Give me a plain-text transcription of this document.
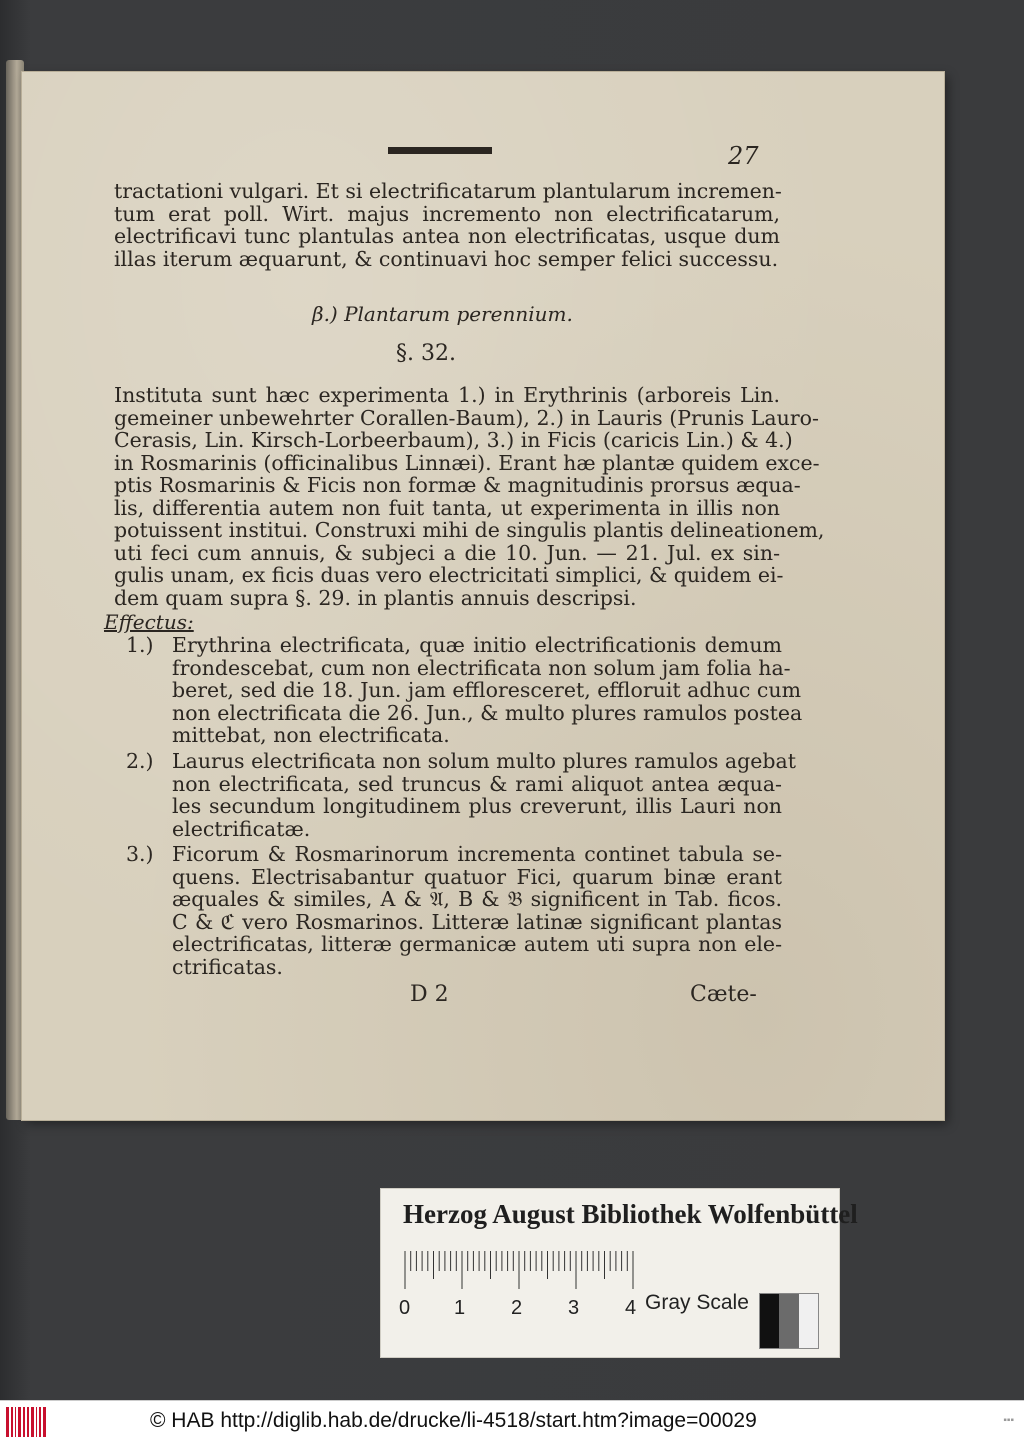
27
tractationi vulgari. Et si electrificatarum plantularum incremen-
tum erat poll. Wirt. majus incremento non electrificatarum,
electrificavi tunc plantulas antea non electrificatas, usque dum
illas iterum æquarunt, & continuavi hoc semper felici successu.
β.) Plantarum perennium.
§. 32.
Instituta sunt hæc experimenta 1.) in Erythrinis (arboreis Lin.
gemeiner unbewehrter Corallen-Baum), 2.) in Lauris (Prunis Lauro-
Cerasis, Lin. Kirsch-Lorbeerbaum), 3.) in Ficis (caricis Lin.) & 4.)
in Rosmarinis (officinalibus Linnæi). Erant hæ plantæ quidem exce-
ptis Rosmarinis & Ficis non formæ & magnitudinis prorsus æqua-
lis, differentia autem non fuit tanta, ut experimenta in illis non
potuissent institui. Construxi mihi de singulis plantis delineationem,
uti feci cum annuis, & subjeci a die 10. Jun. — 21. Jul. ex sin-
gulis unam, ex ficis duas vero electricitati simplici, & quidem ei-
dem quam supra §. 29. in plantis annuis descripsi.
Effectus:
1.) Erythrina electrificata, quæ initio electrificationis demum
frondescebat, cum non electrificata non solum jam folia ha-
beret, sed die 18. Jun. jam effloresceret, effloruit adhuc cum
non electrificata die 26. Jun., & multo plures ramulos postea
mittebat, non electrificata.
2.) Laurus electrificata non solum multo plures ramulos agebat
non electrificata, sed truncus & rami aliquot antea æqua-
les secundum longitudinem plus creverunt, illis Lauri non
electrificatæ.
3.) Ficorum & Rosmarinorum incrementa continet tabula se-
quens. Electrisabantur quatuor Fici, quarum binæ erant
æquales & similes, A & 𝔄, B & 𝔅 significent in Tab. ficos.
C & ℭ vero Rosmarinos. Litteræ latinæ significant plantas
electrificatas, litteræ germanicæ autem uti supra non ele-
ctrificatas.
D 2	Cæte-
Herzog August Bibliothek Wolfenbüttel
0 1 2 3 4 Gray Scale
© HAB http://diglib.hab.de/drucke/li-4518/start.htm?image=00029	▪▪▪
